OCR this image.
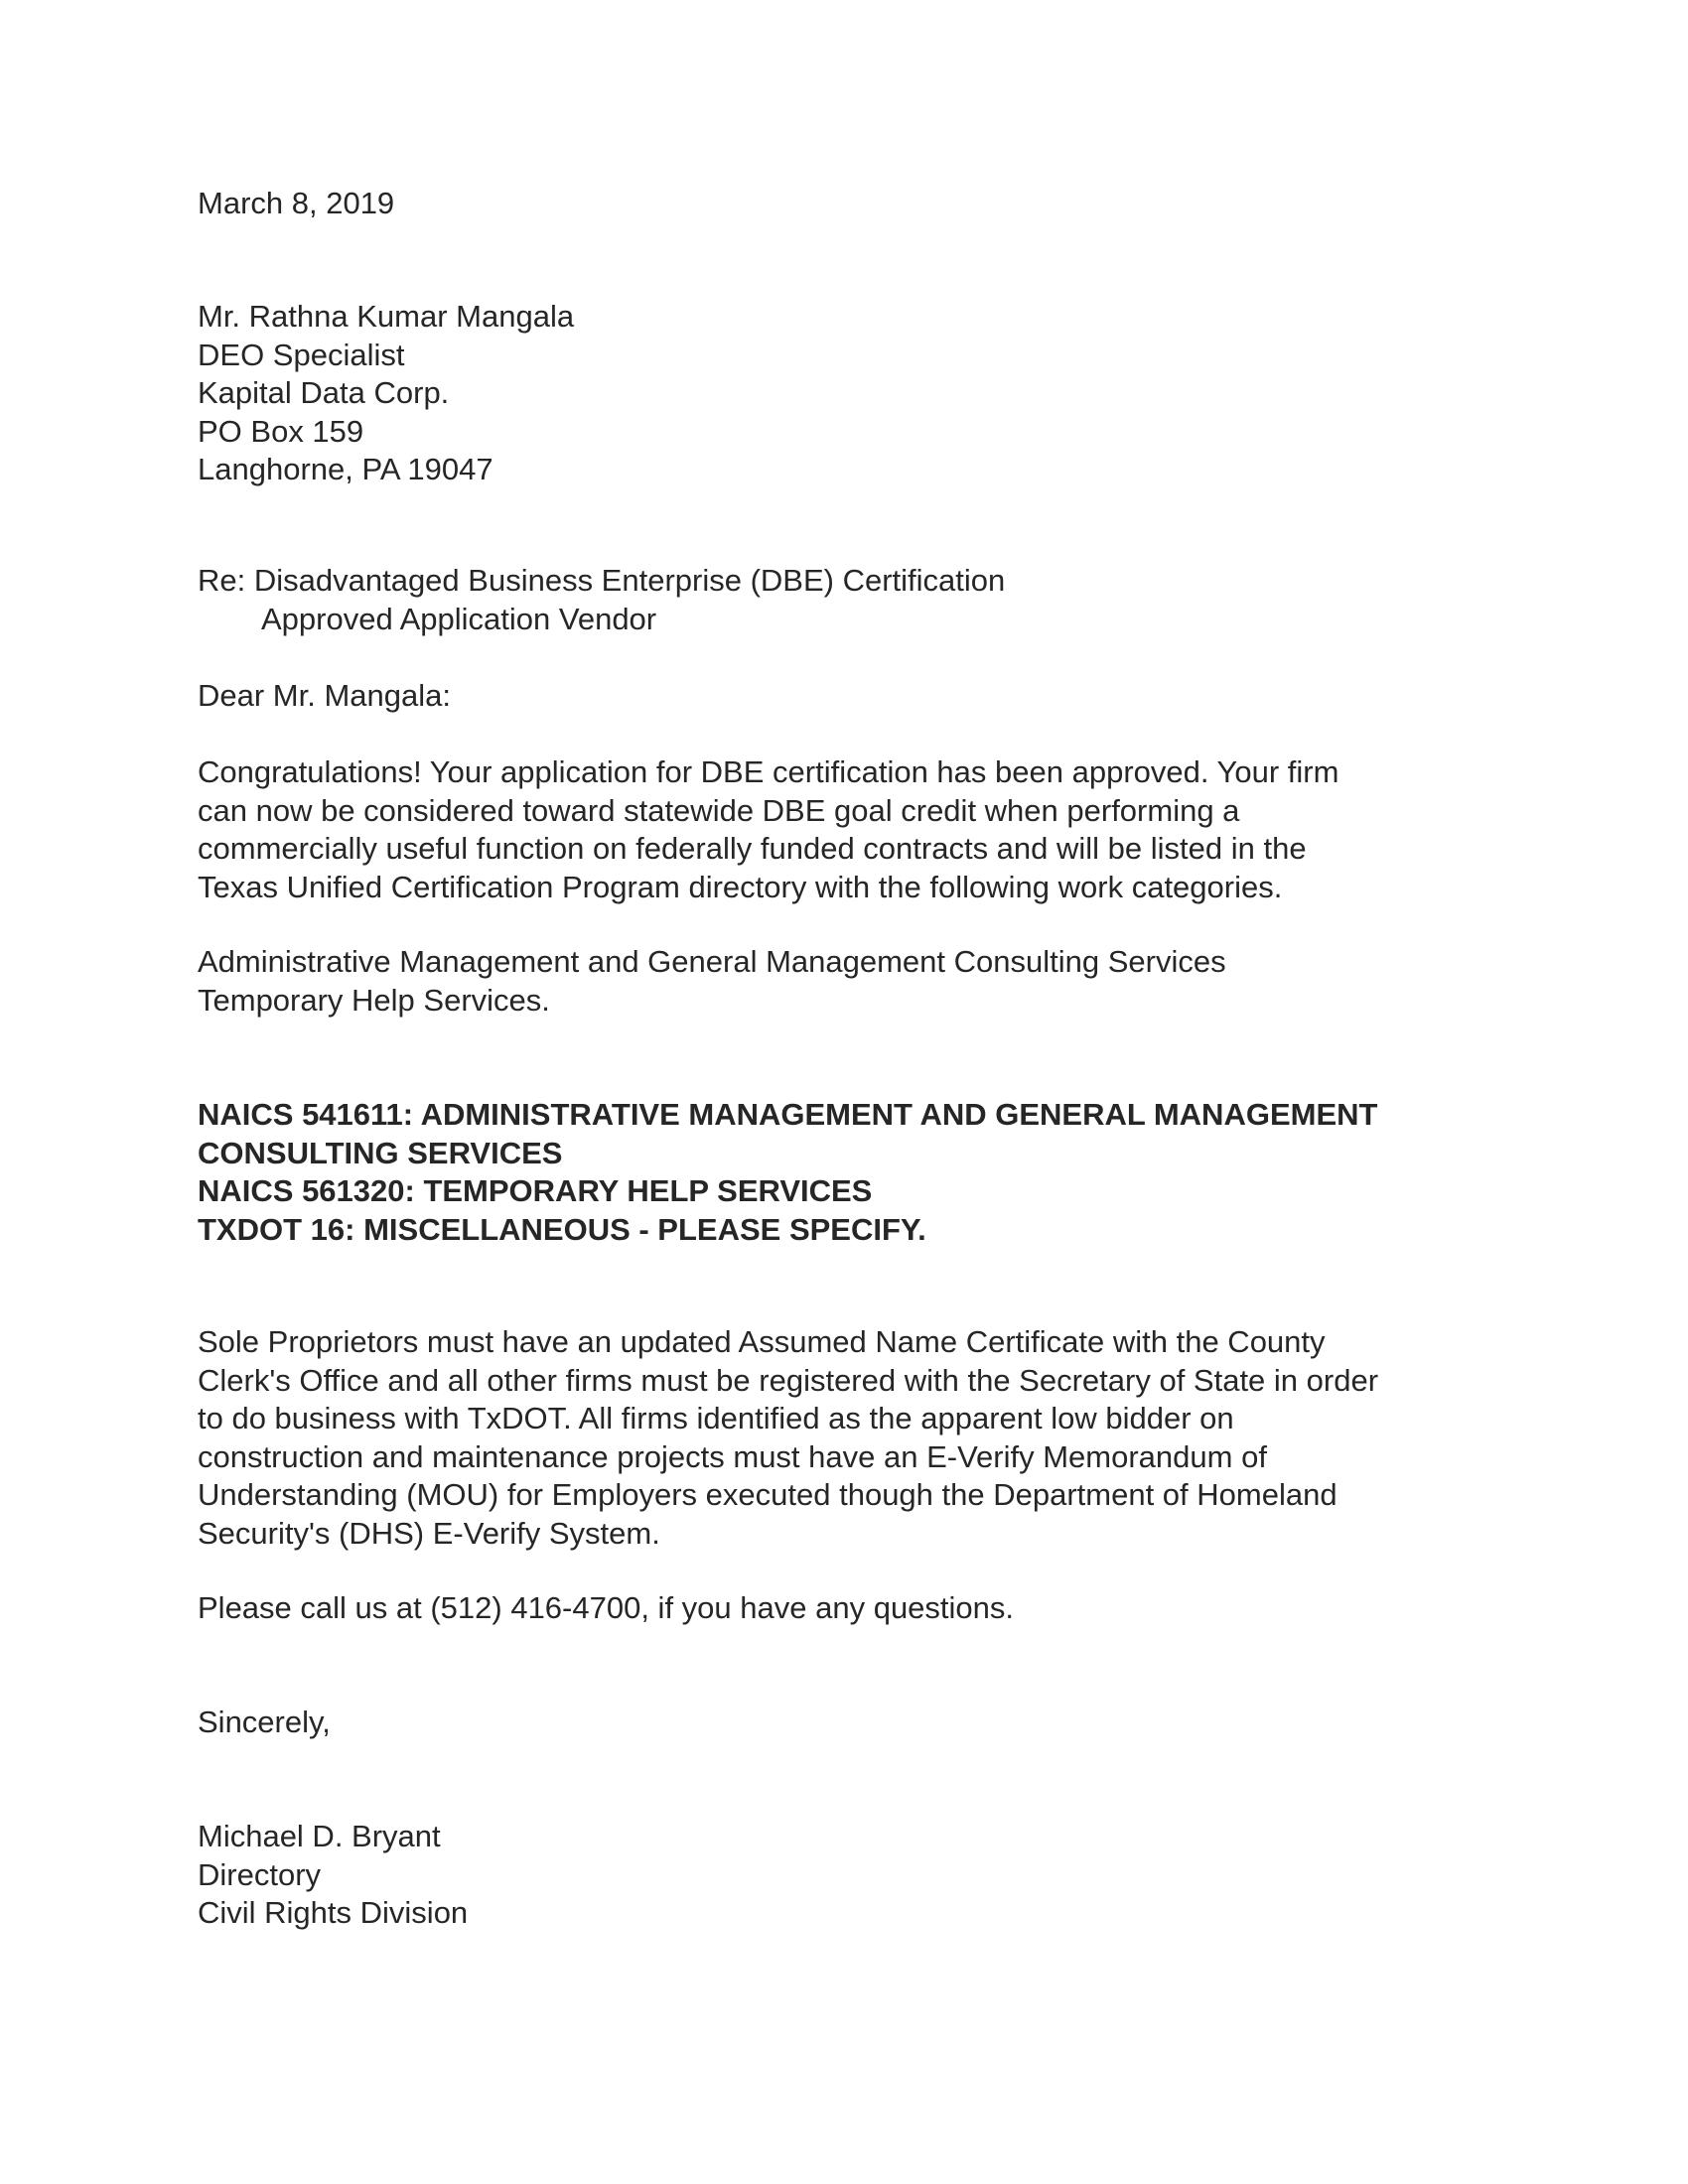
March 8, 2019
Mr. Rathna Kumar Mangala
DEO Specialist
Kapital Data Corp.
PO Box 159
Langhorne, PA 19047
Re: Disadvantaged Business Enterprise (DBE) Certification
Approved Application Vendor
Dear Mr. Mangala:
Congratulations! Your application for DBE certification has been approved. Your firm
can now be considered toward statewide DBE goal credit when performing a
commercially useful function on federally funded contracts and will be listed in the
Texas Unified Certification Program directory with the following work categories.
Administrative Management and General Management Consulting Services
Temporary Help Services.
NAICS 541611: ADMINISTRATIVE MANAGEMENT AND GENERAL MANAGEMENT
CONSULTING SERVICES
NAICS 561320: TEMPORARY HELP SERVICES
TXDOT 16: MISCELLANEOUS - PLEASE SPECIFY.
Sole Proprietors must have an updated Assumed Name Certificate with the County
Clerk's Office and all other firms must be registered with the Secretary of State in order
to do business with TxDOT. All firms identified as the apparent low bidder on
construction and maintenance projects must have an E-Verify Memorandum of
Understanding (MOU) for Employers executed though the Department of Homeland
Security's (DHS) E-Verify System.
Please call us at (512) 416-4700, if you have any questions.
Sincerely,
Michael D. Bryant
Directory
Civil Rights Division
